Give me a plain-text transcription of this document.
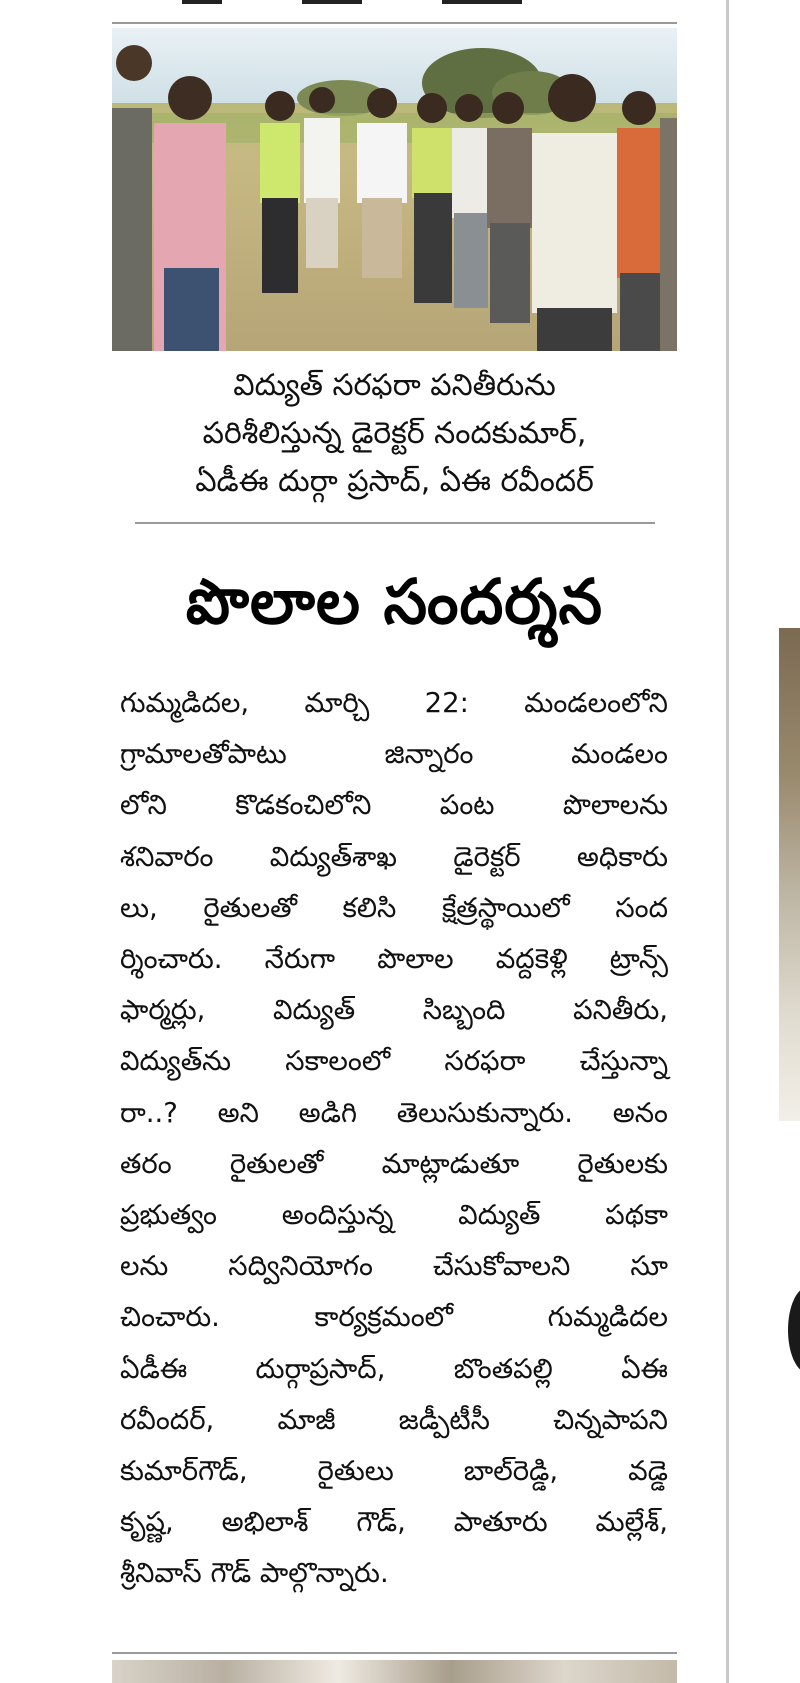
విద్యుత్ సరఫరా పనితీరును
పరిశీలిస్తున్న డైరెక్టర్ నందకుమార్,
ఏడీఈ దుర్గా ప్రసాద్, ఏఈ రవీందర్
పొలాల సందర్శన
గుమ్మడిదల, మార్చి 22: మండలంలోని
గ్రామాలతోపాటు జిన్నారం మండలం
లోని కొడకంచిలోని పంట పొలాలను
శనివారం విద్యుత్‌శాఖ డైరెక్టర్ అధికారు
లు, రైతులతో కలిసి క్షేత్రస్థాయిలో సంద
ర్శించారు. నేరుగా పొలాల వద్దకెళ్లి ట్రాన్స్
ఫార్మర్లు, విద్యుత్ సిబ్బంది పనితీరు,
విద్యుత్‌ను సకాలంలో సరఫరా చేస్తున్నా
రా..? అని అడిగి తెలుసుకున్నారు. అనం
తరం రైతులతో మాట్లాడుతూ రైతులకు
ప్రభుత్వం అందిస్తున్న విద్యుత్ పథకా
లను సద్వినియోగం చేసుకోవాలని సూ
చించారు. కార్యక్రమంలో గుమ్మడిదల
ఏడీఈ దుర్గాప్రసాద్, బొంతపల్లి ఏఈ
రవీందర్, మాజీ జడ్పీటీసీ చిన్నపాపని
కుమార్‌గౌడ్, రైతులు బాల్‌రెడ్డి, వడ్డె
కృష్ణ, అభిలాశ్ గౌడ్, పాతూరు మల్లేశ్,
శ్రీనివాస్ గౌడ్ పాల్గొన్నారు.
